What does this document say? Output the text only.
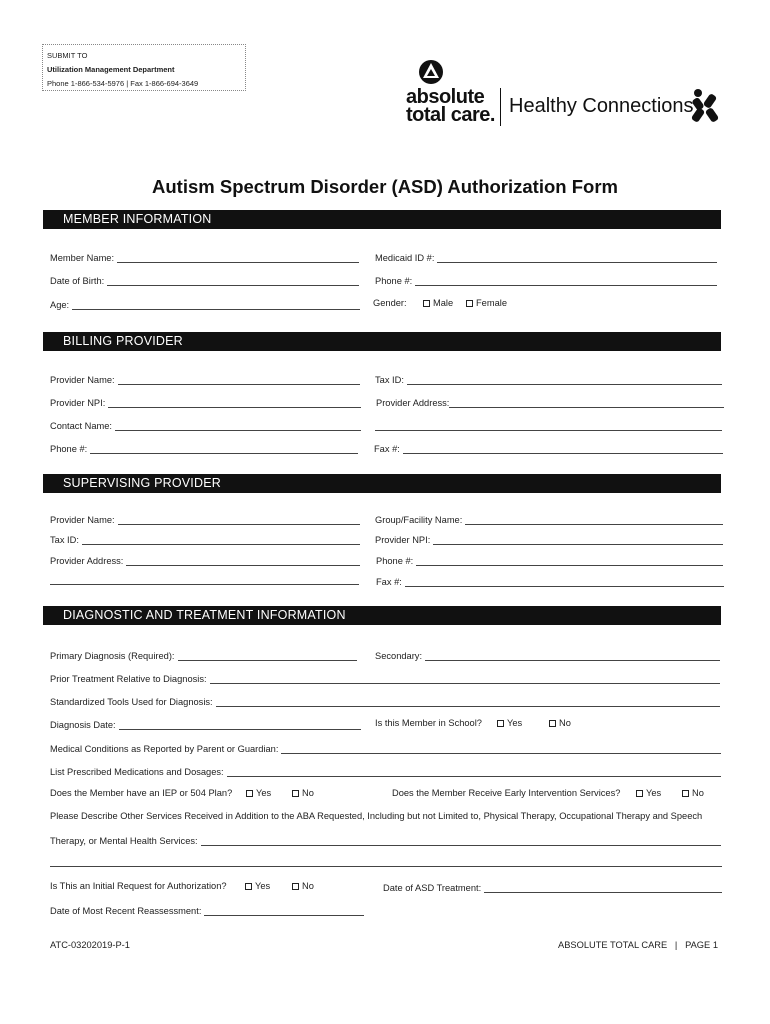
SUBMIT TO
Utilization Management Department
Phone 1-866-534-5976 | Fax 1-866-694-3649
absolute
total care. Healthy Connections
Autism Spectrum Disorder (ASD) Authorization Form
MEMBER INFORMATION
Member Name:	Medicaid ID #:
Date of Birth:	Phone #:
Age:	Gender:	Male	Female
BILLING PROVIDER
Provider Name:	Tax ID:
Provider NPI:	Provider Address:
Contact Name:
Phone #:	Fax #:
SUPERVISING PROVIDER
Provider Name:	Group/Facility Name:
Tax ID:	Provider NPI:
Provider Address:	Phone #:
Fax #:
DIAGNOSTIC AND TREATMENT INFORMATION
Primary Diagnosis (Required):	Secondary:
Prior Treatment Relative to Diagnosis:
Standardized Tools Used for Diagnosis:
Diagnosis Date:	Is this Member in School?	Yes	No
Medical Conditions as Reported by Parent or Guardian:
List Prescribed Medications and Dosages:
Does the Member have an IEP or 504 Plan?	Yes	No	Does the Member Receive Early Intervention Services?	Yes	No
Please Describe Other Services Received in Addition to the ABA Requested, Including but not Limited to, Physical Therapy, Occupational Therapy and Speech
Therapy, or Mental Health Services:
Is This an Initial Request for Authorization?	Yes	No	Date of ASD Treatment:
Date of Most Recent Reassessment:
ATC-03202019-P-1	ABSOLUTE TOTAL CARE   |   PAGE 1
